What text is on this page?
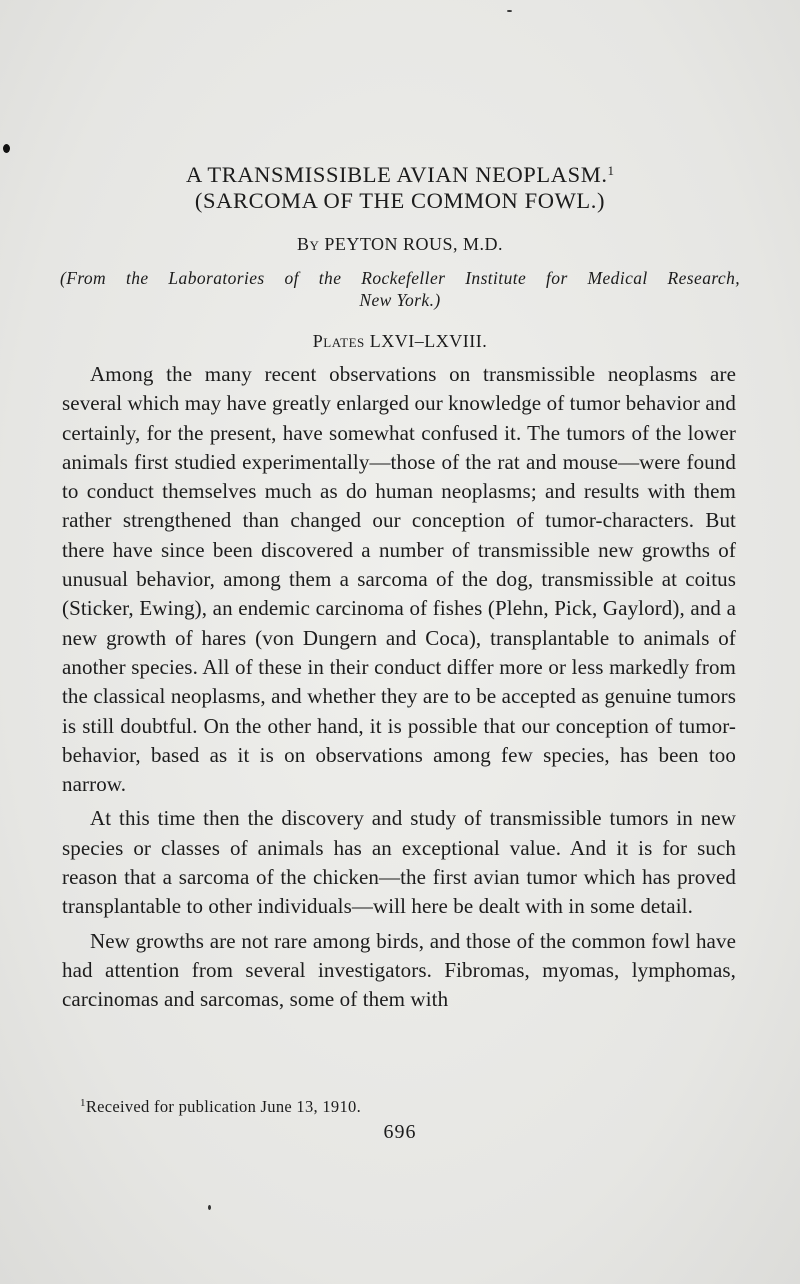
A TRANSMISSIBLE AVIAN NEOPLASM.$^1$
(SARCOMA OF THE COMMON FOWL.)
By PEYTON ROUS, M.D.
(From the Laboratories of the Rockefeller Institute for Medical Research,
New York.)
Plates LXVI–LXVIII.

Among the many recent observations on transmissible neoplasms are several which may have greatly enlarged our knowledge of tumor behavior and certainly, for the present, have somewhat confused it. The tumors of the lower animals first studied experimentally—those of the rat and mouse—were found to conduct themselves much as do human neoplasms; and results with them rather strengthened than changed our conception of tumor-characters. But there have since been discovered a number of transmissible new growths of unusual behavior, among them a sarcoma of the dog, transmissible at coitus (Sticker, Ewing), an endemic carcinoma of fishes (Plehn, Pick, Gaylord), and a new growth of hares (von Dungern and Coca), transplantable to animals of another species. All of these in their conduct differ more or less markedly from the classical neoplasms, and whether they are to be accepted as genuine tumors is still doubtful. On the other hand, it is possible that our conception of tumor-behavior, based as it is on observations among few species, has been too narrow.

At this time then the discovery and study of transmissible tumors in new species or classes of animals has an exceptional value. And it is for such reason that a sarcoma of the chicken—the first avian tumor which has proved transplantable to other individuals—will here be dealt with in some detail.

New growths are not rare among birds, and those of the common fowl have had attention from several investigators. Fibromas, myomas, lymphomas, carcinomas and sarcomas, some of them with

$^1$Received for publication June 13, 1910.
696
